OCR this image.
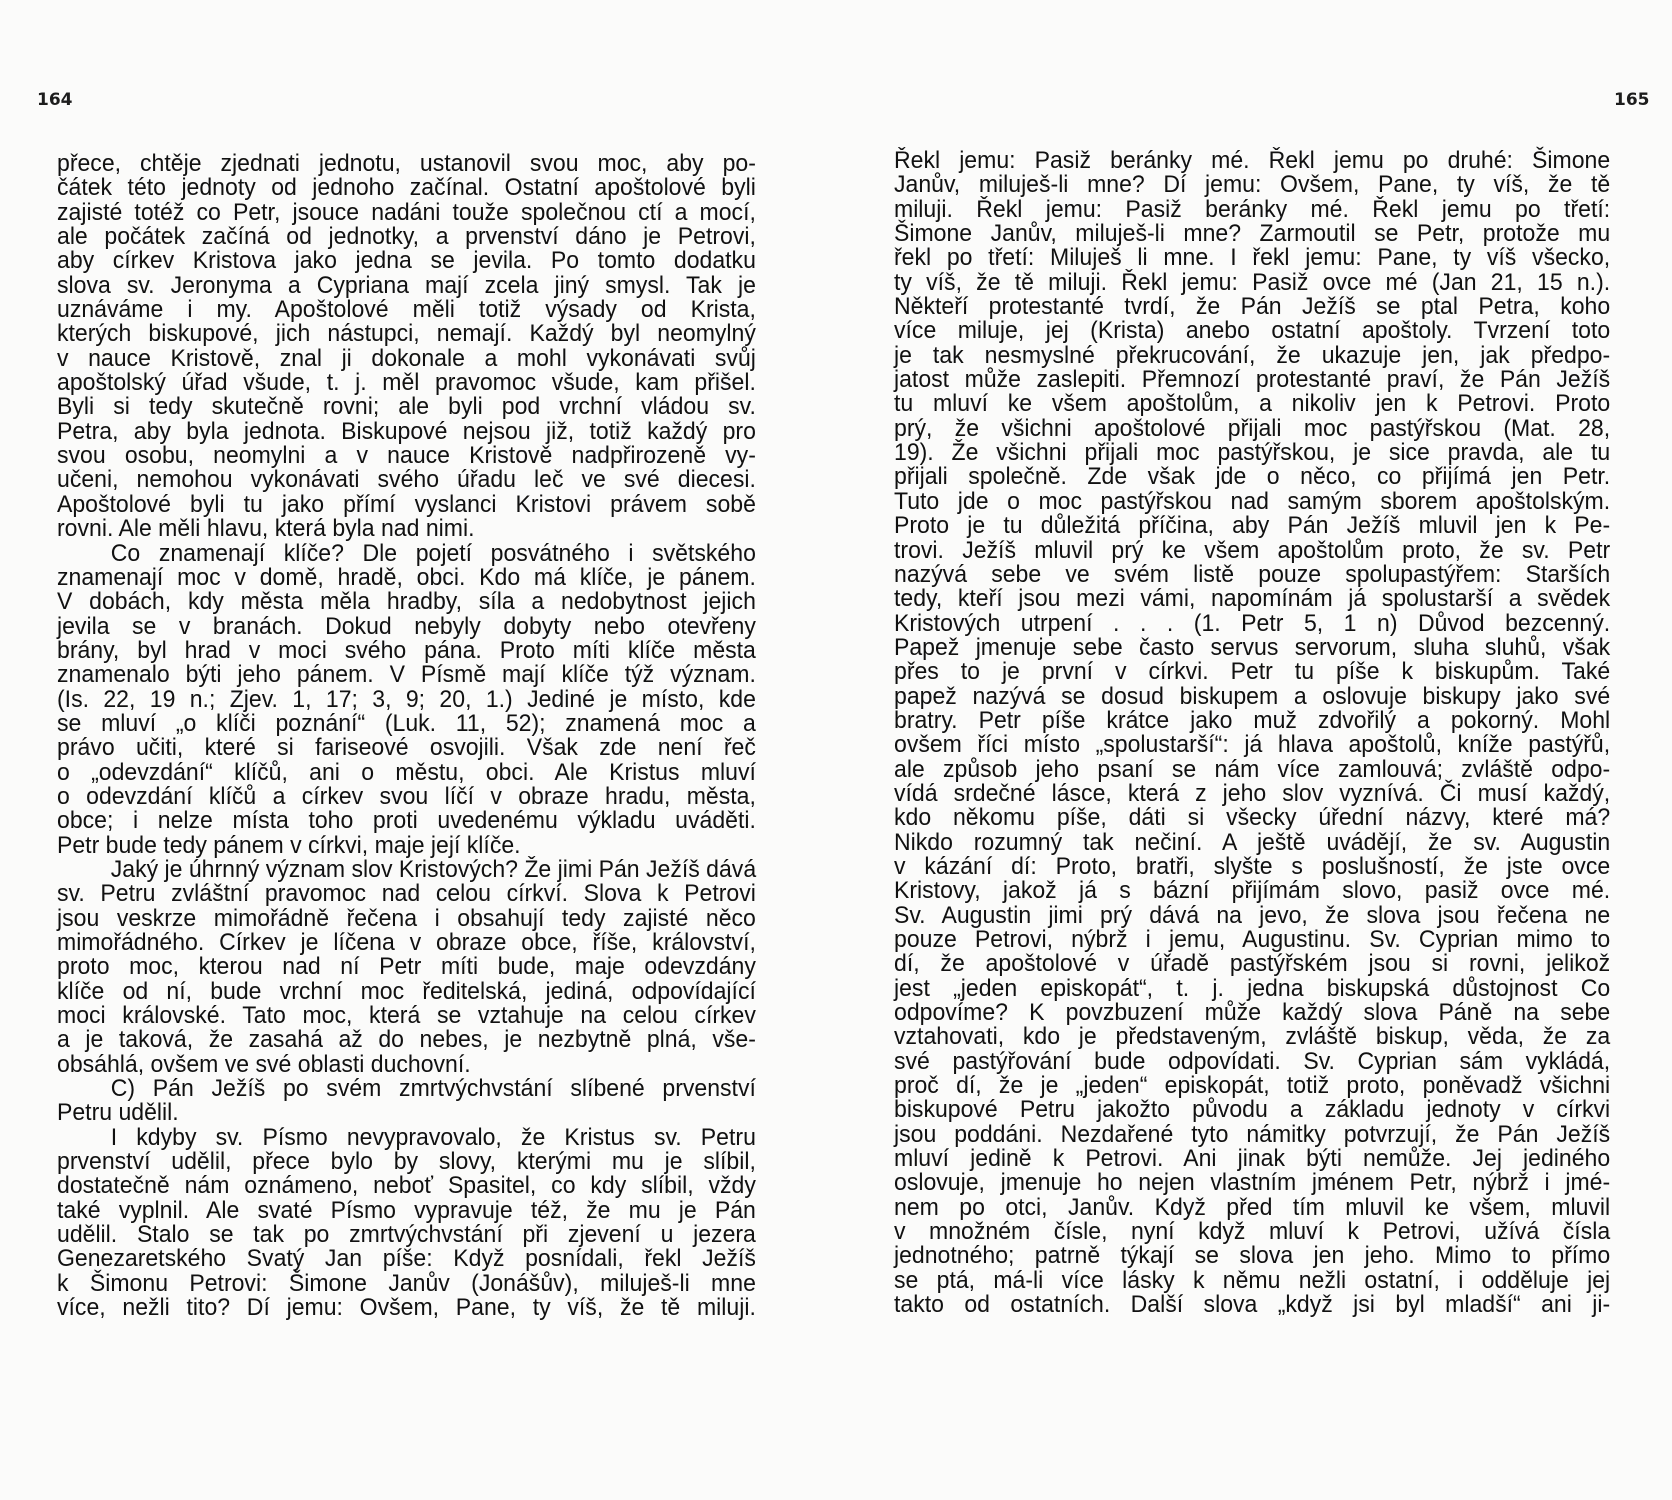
164
přece, chtěje zjednati jednotu, ustanovil svou moc, aby po-
čátek této jednoty od jednoho začínal. Ostatní apoštolové byli
zajisté totéž co Petr, jsouce nadáni touže společnou ctí a mocí,
ale počátek začíná od jednotky, a prvenství dáno je Petrovi,
aby církev Kristova jako jedna se jevila. Po tomto dodatku
slova sv. Jeronyma a Cypriana mají zcela jiný smysl. Tak je
uznáváme i my. Apoštolové měli totiž výsady od Krista,
kterých biskupové, jich nástupci, nemají. Každý byl neomylný
v nauce Kristově, znal ji dokonale a mohl vykonávati svůj
apoštolský úřad všude, t. j. měl pravomoc všude, kam přišel.
Byli si tedy skutečně rovni; ale byli pod vrchní vládou sv.
Petra, aby byla jednota. Biskupové nejsou již, totiž každý pro
svou osobu, neomylni a v nauce Kristově nadpřirozeně vy-
učeni, nemohou vykonávati svého úřadu leč ve své diecesi.
Apoštolové byli tu jako přímí vyslanci Kristovi právem sobě
rovni. Ale měli hlavu, která byla nad nimi.
Co znamenají klíče? Dle pojetí posvátného i světského
znamenají moc v domě, hradě, obci. Kdo má klíče, je pánem.
V dobách, kdy města měla hradby, síla a nedobytnost jejich
jevila se v branách. Dokud nebyly dobyty nebo otevřeny
brány, byl hrad v moci svého pána. Proto míti klíče města
znamenalo býti jeho pánem. V Písmě mají klíče týž význam.
(Is. 22, 19 n.; Zjev. 1, 17; 3, 9; 20, 1.) Jediné je místo, kde
se mluví „o klíči poznání“ (Luk. 11, 52); znamená moc a
právo učiti, které si fariseové osvojili. Však zde není řeč
o „odevzdání“ klíčů, ani o městu, obci. Ale Kristus mluví
o odevzdání klíčů a církev svou líčí v obraze hradu, města,
obce; i nelze místa toho proti uvedenému výkladu uváděti.
Petr bude tedy pánem v církvi, maje její klíče.
Jaký je úhrnný význam slov Kristových? Že jimi Pán Ježíš dává
sv. Petru zvláštní pravomoc nad celou církví. Slova k Petrovi
jsou veskrze mimořádně řečena i obsahují tedy zajisté něco
mimořádného. Církev je líčena v obraze obce, říše, království,
proto moc, kterou nad ní Petr míti bude, maje odevzdány
klíče od ní, bude vrchní moc ředitelská, jediná, odpovídající
moci královské. Tato moc, která se vztahuje na celou církev
a je taková, že zasahá až do nebes, je nezbytně plná, vše-
obsáhlá, ovšem ve své oblasti duchovní.
C) Pán Ježíš po svém zmrtvýchvstání slíbené prvenství
Petru udělil.
I kdyby sv. Písmo nevypravovalo, že Kristus sv. Petru
prvenství udělil, přece bylo by slovy, kterými mu je slíbil,
dostatečně nám oznámeno, neboť Spasitel, co kdy slíbil, vždy
také vyplnil. Ale svaté Písmo vypravuje též, že mu je Pán
udělil. Stalo se tak po zmrtvýchvstání při zjevení u jezera
Genezaretského Svatý Jan píše: Když posnídali, řekl Ježíš
k Šimonu Petrovi: Šimone Janův (Jonášův), miluješ-li mne
více, nežli tito? Dí jemu: Ovšem, Pane, ty víš, že tě miluji.
165
Řekl jemu: Pasiž beránky mé. Řekl jemu po druhé: Šimone
Janův, miluješ-li mne? Dí jemu: Ovšem, Pane, ty víš, že tě
miluji. Řekl jemu: Pasiž beránky mé. Řekl jemu po třetí:
Šimone Janův, miluješ-li mne? Zarmoutil se Petr, protože mu
řekl po třetí: Miluješ li mne. I řekl jemu: Pane, ty víš všecko,
ty víš, že tě miluji. Řekl jemu: Pasiž ovce mé (Jan 21, 15 n.).
Někteří protestanté tvrdí, že Pán Ježíš se ptal Petra, koho
více miluje, jej (Krista) anebo ostatní apoštoly. Tvrzení toto
je tak nesmyslné překrucování, že ukazuje jen, jak předpo-
jatost může zaslepiti. Přemnozí protestanté praví, že Pán Ježíš
tu mluví ke všem apoštolům, a nikoliv jen k Petrovi. Proto
prý, že všichni apoštolové přijali moc pastýřskou (Mat. 28,
19). Že všichni přijali moc pastýřskou, je sice pravda, ale tu
přijali společně. Zde však jde o něco, co přijímá jen Petr.
Tuto jde o moc pastýřskou nad samým sborem apoštolským.
Proto je tu důležitá příčina, aby Pán Ježíš mluvil jen k Pe-
trovi. Ježíš mluvil prý ke všem apoštolům proto, že sv. Petr
nazývá sebe ve svém listě pouze spolupastýřem: Starších
tedy, kteří jsou mezi vámi, napomínám já spolustarší a svědek
Kristových utrpení . . . (1. Petr 5, 1 n) Důvod bezcenný.
Papež jmenuje sebe často servus servorum, sluha sluhů, však
přes to je první v církvi. Petr tu píše k biskupům. Také
papež nazývá se dosud biskupem a oslovuje biskupy jako své
bratry. Petr píše krátce jako muž zdvořilý a pokorný. Mohl
ovšem říci místo „spolustarší“: já hlava apoštolů, kníže pastýřů,
ale způsob jeho psaní se nám více zamlouvá; zvláště odpo-
vídá srdečné lásce, která z jeho slov vyznívá. Či musí každý,
kdo někomu píše, dáti si všecky úřední názvy, které má?
Nikdo rozumný tak nečiní. A ještě uvádějí, že sv. Augustin
v kázání dí: Proto, bratři, slyšte s poslušností, že jste ovce
Kristovy, jakož já s bázní přijímám slovo, pasiž ovce mé.
Sv. Augustin jimi prý dává na jevo, že slova jsou řečena ne
pouze Petrovi, nýbrž i jemu, Augustinu. Sv. Cyprian mimo to
dí, že apoštolové v úřadě pastýřském jsou si rovni, jelikož
jest „jeden episkopát“, t. j. jedna biskupská důstojnost Co
odpovíme? K povzbuzení může každý slova Páně na sebe
vztahovati, kdo je představeným, zvláště biskup, věda, že za
své pastýřování bude odpovídati. Sv. Cyprian sám vykládá,
proč dí, že je „jeden“ episkopát, totiž proto, poněvadž všichni
biskupové Petru jakožto původu a základu jednoty v církvi
jsou poddáni. Nezdařené tyto námitky potvrzují, že Pán Ježíš
mluví jedině k Petrovi. Ani jinak býti nemůže. Jej jediného
oslovuje, jmenuje ho nejen vlastním jménem Petr, nýbrž i jmé-
nem po otci, Janův. Když před tím mluvil ke všem, mluvil
v množném čísle, nyní když mluví k Petrovi, užívá čísla
jednotného; patrně týkají se slova jen jeho. Mimo to přímo
se ptá, má-li více lásky k němu nežli ostatní, i odděluje jej
takto od ostatních. Další slova „když jsi byl mladší“ ani ji-
